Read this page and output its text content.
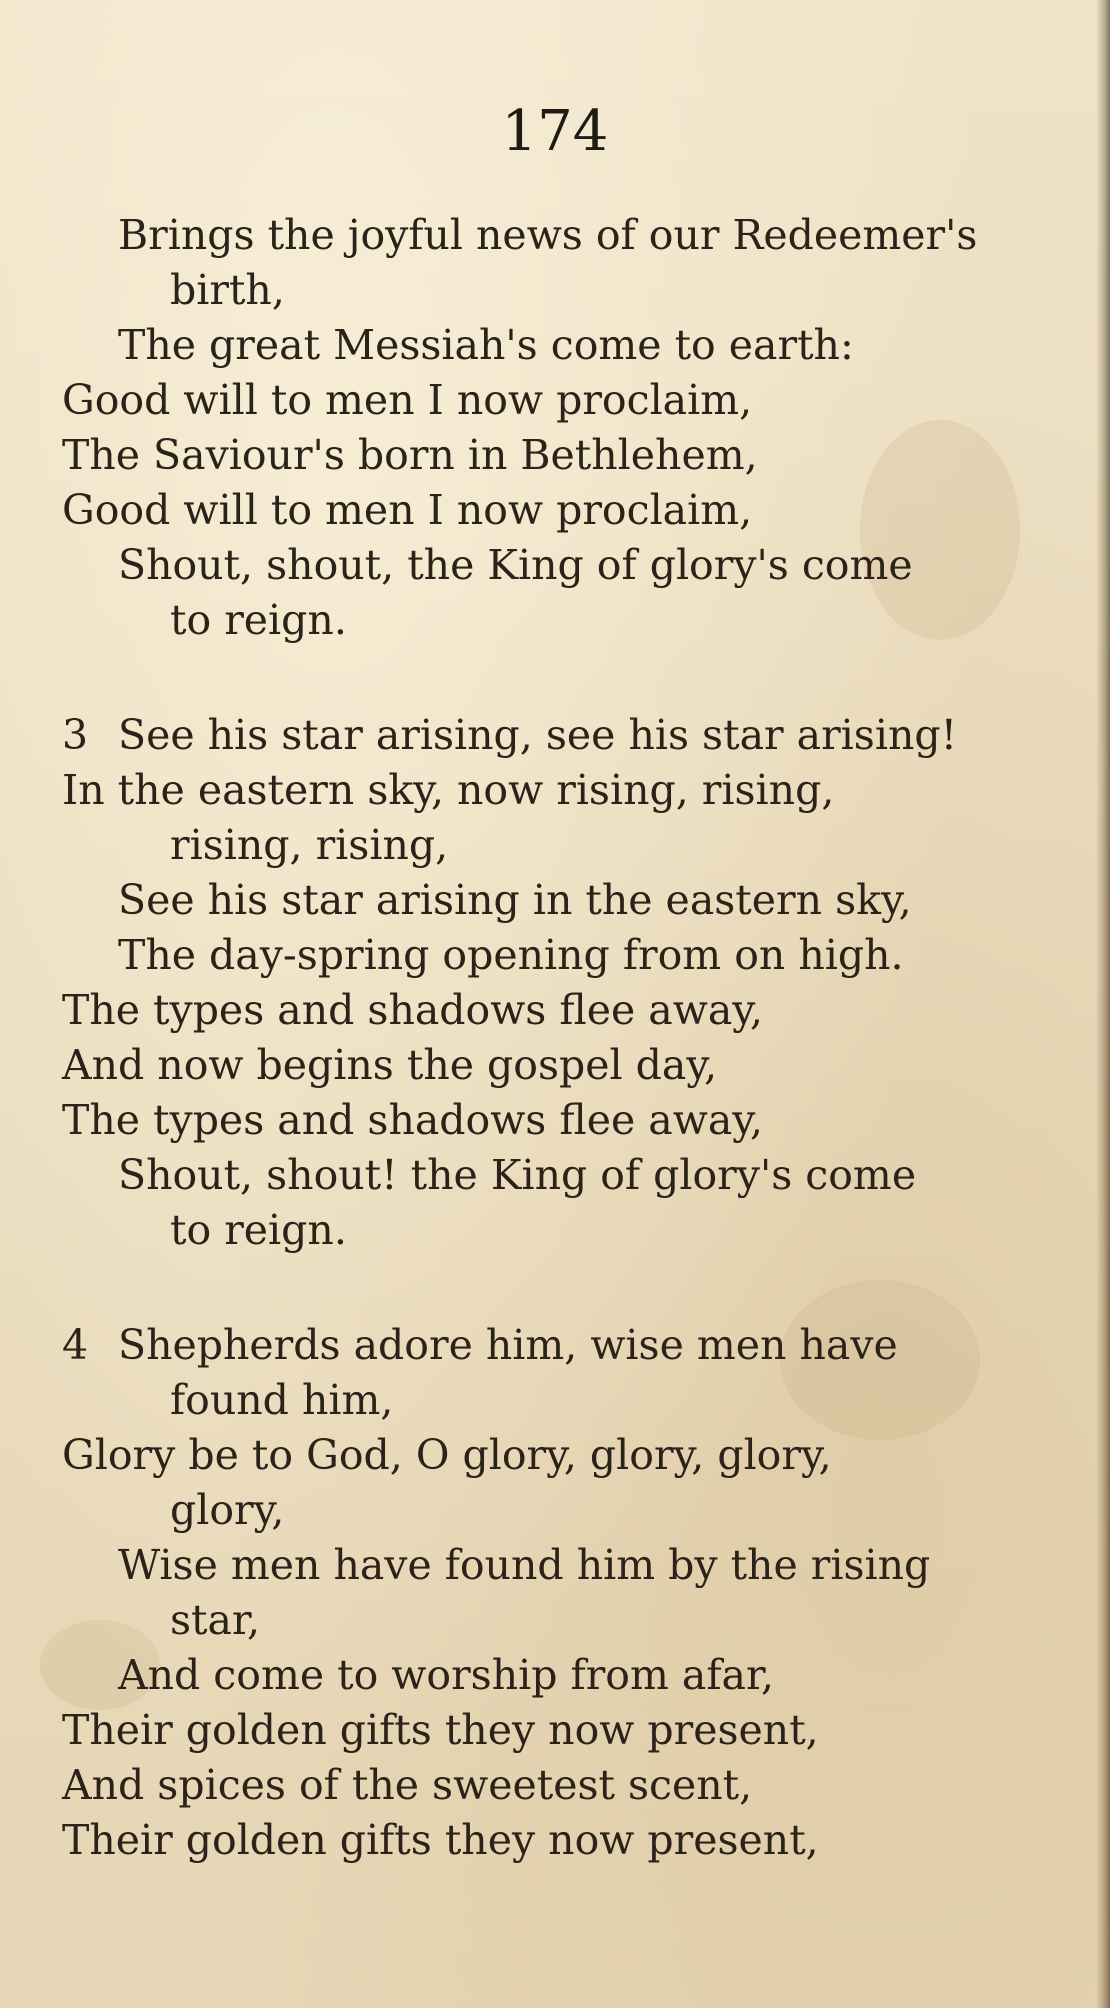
174
Brings the joyful news of our Redeemer's
birth,
The great Messiah's come to earth:
Good will to men I now proclaim,
The Saviour's born in Bethlehem,
Good will to men I now proclaim,
Shout, shout, the King of glory's come
to reign.
3 See his star arising, see his star arising!
In the eastern sky, now rising, rising,
rising, rising,
See his star arising in the eastern sky,
The day-spring opening from on high.
The types and shadows flee away,
And now begins the gospel day,
The types and shadows flee away,
Shout, shout! the King of glory's come
to reign.
4 Shepherds adore him, wise men have
found him,
Glory be to God, O glory, glory, glory,
glory,
Wise men have found him by the rising
star,
And come to worship from afar,
Their golden gifts they now present,
And spices of the sweetest scent,
Their golden gifts they now present,
